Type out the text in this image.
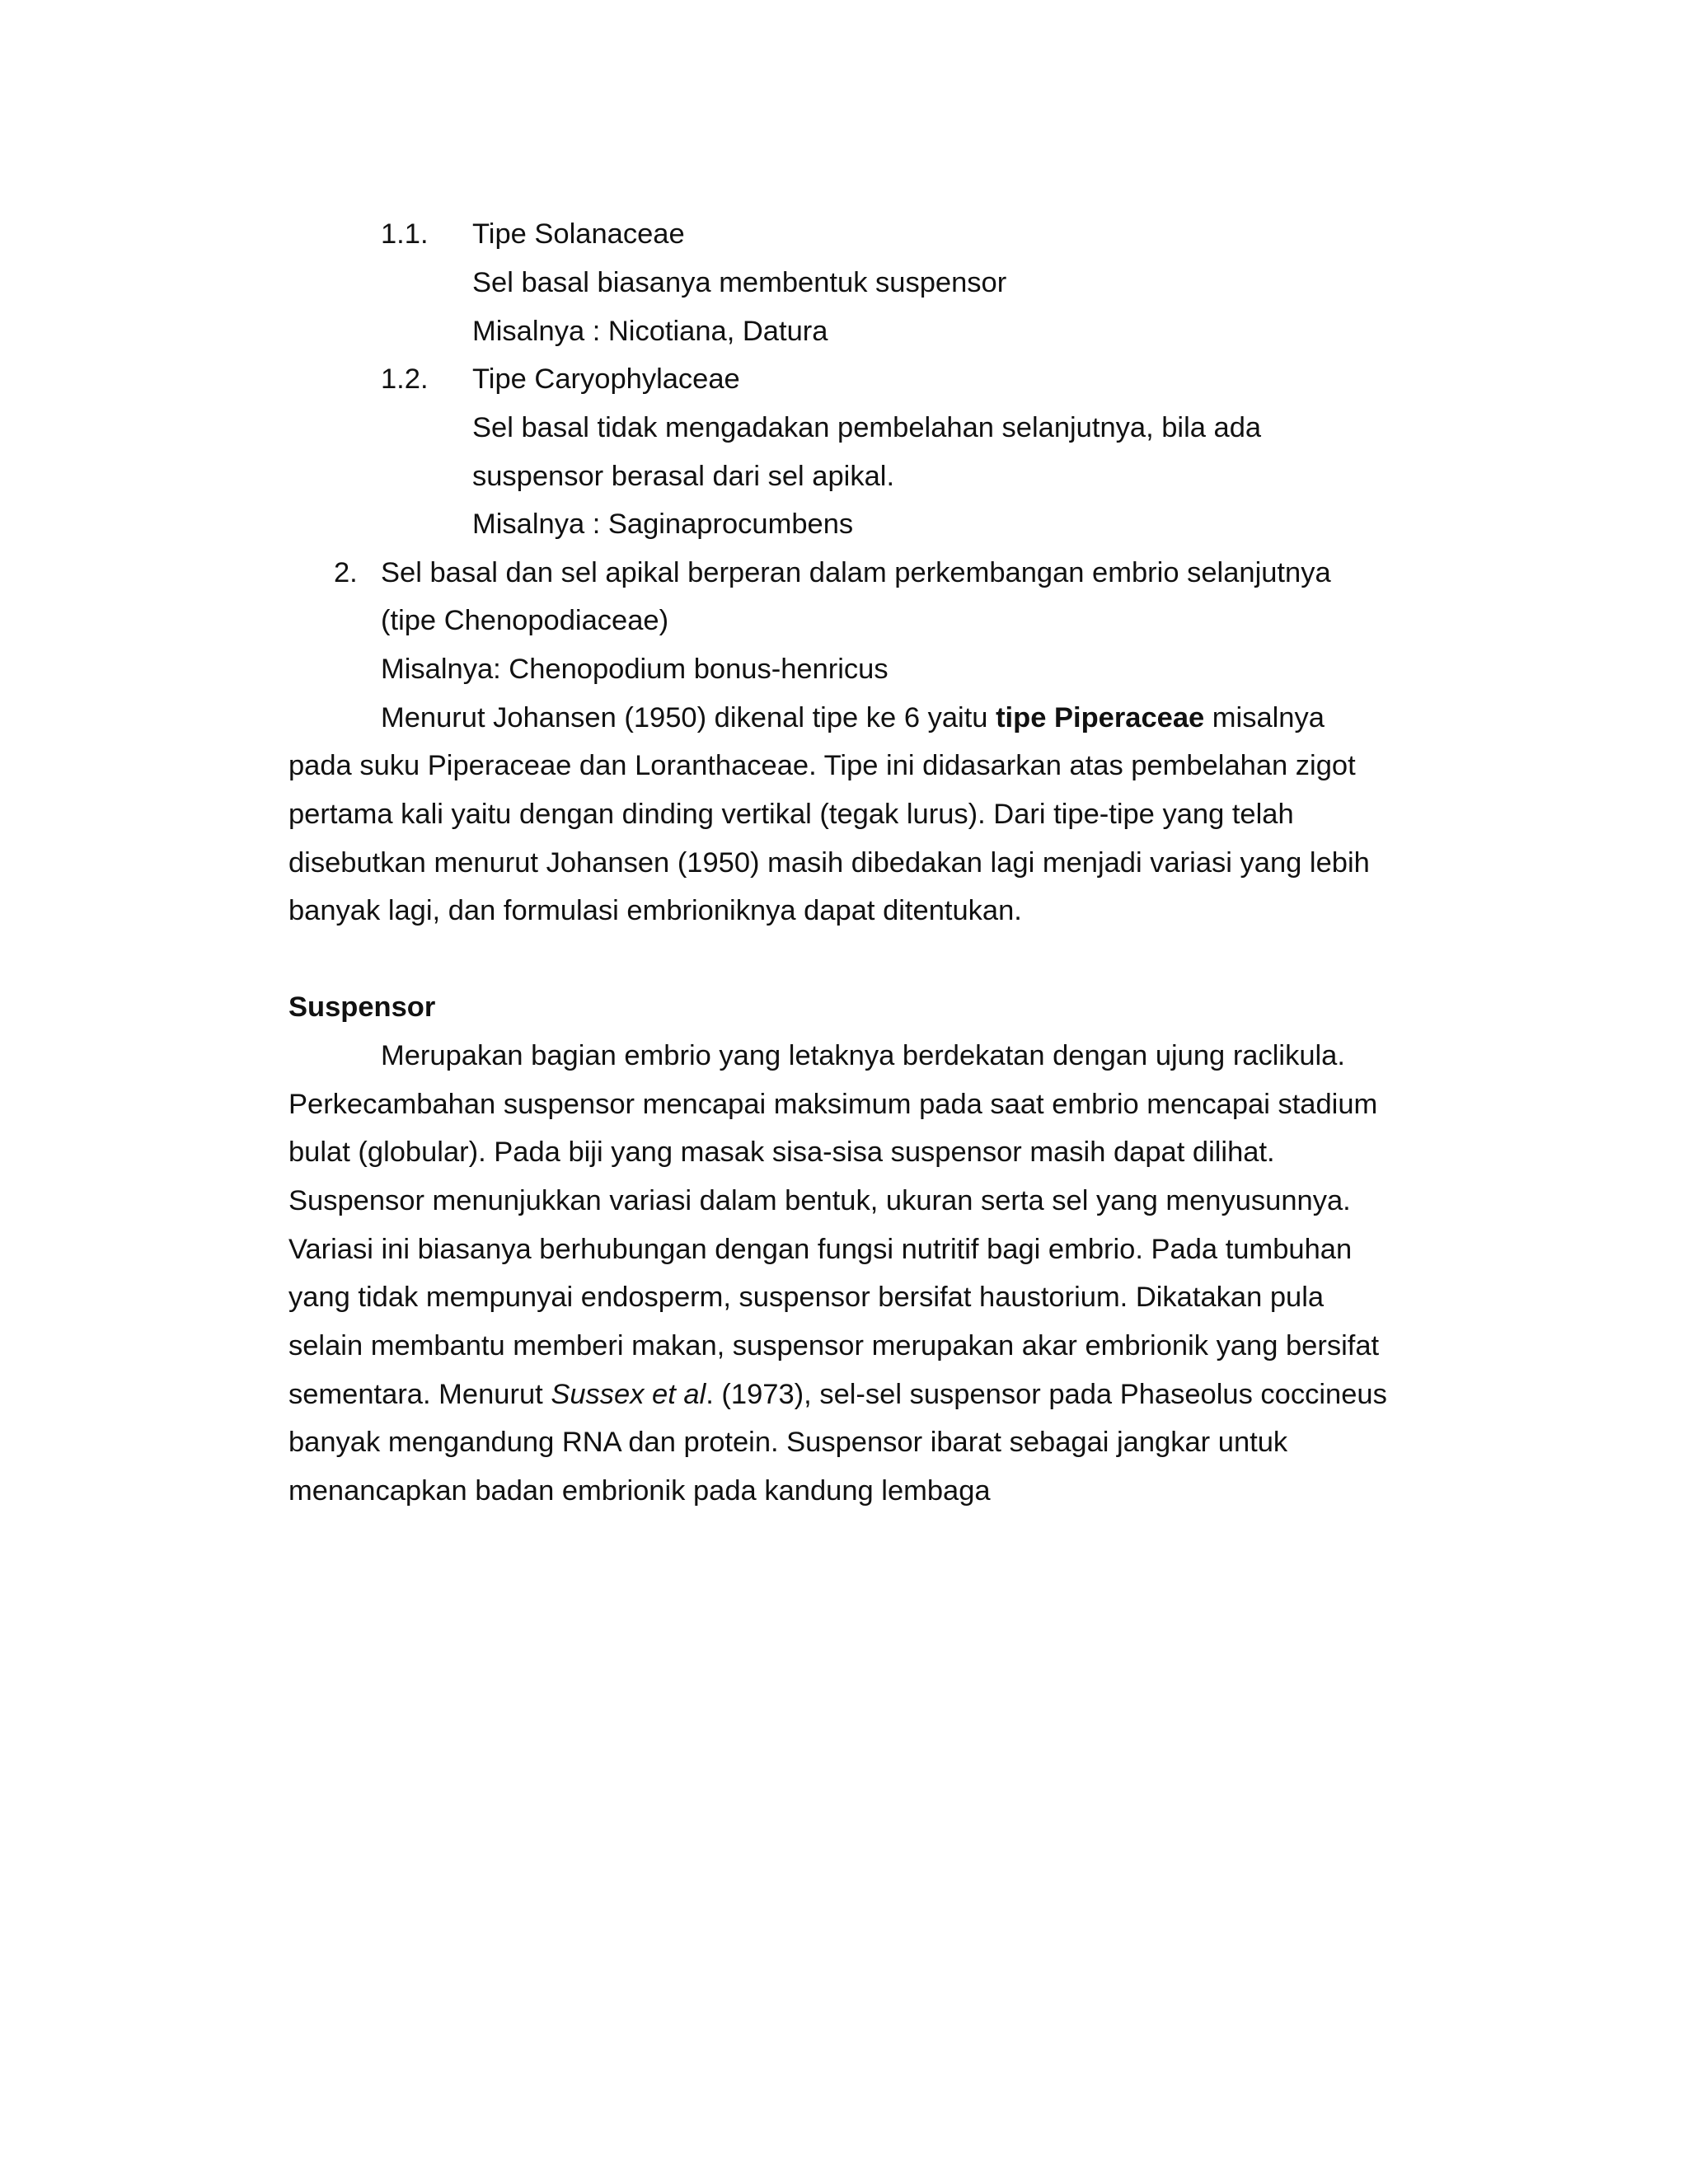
1.1. Tipe Solanaceae
Sel basal biasanya membentuk suspensor
Misalnya : Nicotiana, Datura
1.2. Tipe Caryophylaceae
Sel basal tidak mengadakan pembelahan selanjutnya, bila ada
suspensor berasal dari sel apikal.
Misalnya : Saginaprocumbens
2. Sel basal dan sel apikal berperan dalam perkembangan embrio selanjutnya
(tipe Chenopodiaceae)
Misalnya: Chenopodium bonus-henricus
Menurut Johansen (1950) dikenal tipe ke 6 yaitu tipe Piperaceae misalnya
pada suku Piperaceae dan Loranthaceae. Tipe ini didasarkan atas pembelahan zigot
pertama kali yaitu dengan dinding vertikal (tegak lurus). Dari tipe-tipe yang telah
disebutkan menurut Johansen (1950) masih dibedakan lagi menjadi variasi yang lebih
banyak lagi, dan formulasi embrioniknya dapat ditentukan.
Suspensor
Merupakan bagian embrio yang letaknya berdekatan dengan ujung raclikula.
Perkecambahan suspensor mencapai maksimum pada saat embrio mencapai stadium
bulat (globular). Pada biji yang masak sisa-sisa suspensor masih dapat dilihat.
Suspensor menunjukkan variasi dalam bentuk, ukuran serta sel yang menyusunnya.
Variasi ini biasanya berhubungan dengan fungsi nutritif bagi embrio. Pada tumbuhan
yang tidak mempunyai endosperm, suspensor bersifat haustorium. Dikatakan pula
selain membantu memberi makan, suspensor merupakan akar embrionik yang bersifat
sementara. Menurut Sussex et al. (1973), sel-sel suspensor pada Phaseolus coccineus
banyak mengandung RNA dan protein. Suspensor ibarat sebagai jangkar untuk
menancapkan badan embrionik pada kandung lembaga
